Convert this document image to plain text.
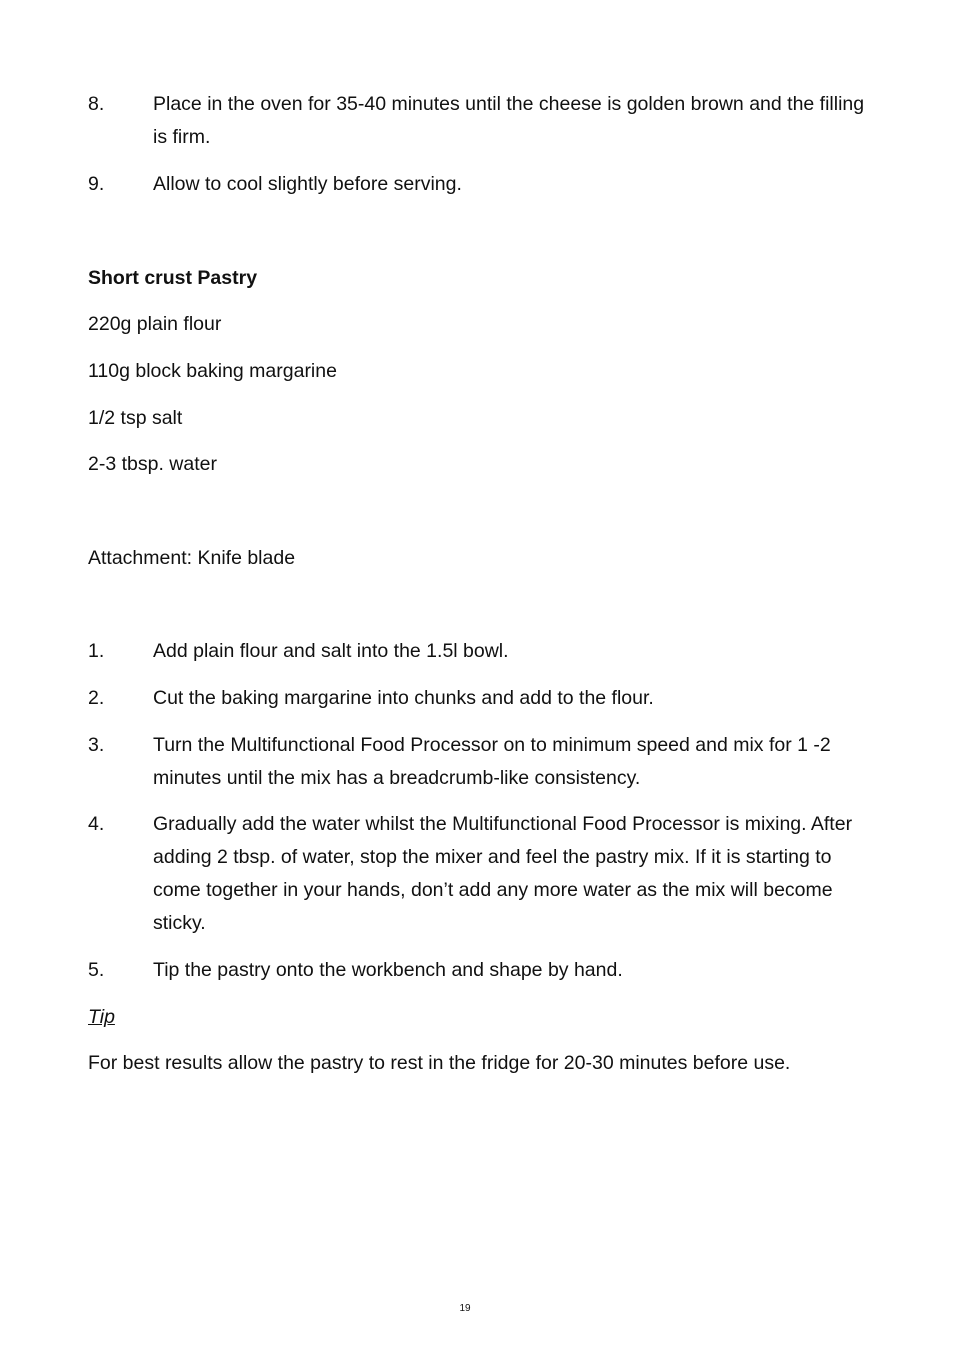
8. Place in the oven for 35-40 minutes until the cheese is golden brown and the filling is firm.
9. Allow to cool slightly before serving.
Short crust Pastry
220g plain flour
110g block baking margarine
1/2 tsp salt
2-3 tbsp. water
Attachment: Knife blade
1. Add plain flour and salt into the 1.5l bowl.
2. Cut the baking margarine into chunks and add to the flour.
3. Turn the Multifunctional Food Processor on to minimum speed and mix for 1 -2 minutes until the mix has a breadcrumb-like consistency.
4. Gradually add the water whilst the Multifunctional Food Processor is mixing. After adding 2 tbsp. of water, stop the mixer and feel the pastry mix. If it is starting to come together in your hands, don’t add any more water as the mix will become sticky.
5. Tip the pastry onto the workbench and shape by hand.
Tip
For best results allow the pastry to rest in the fridge for 20-30 minutes before use.
19
